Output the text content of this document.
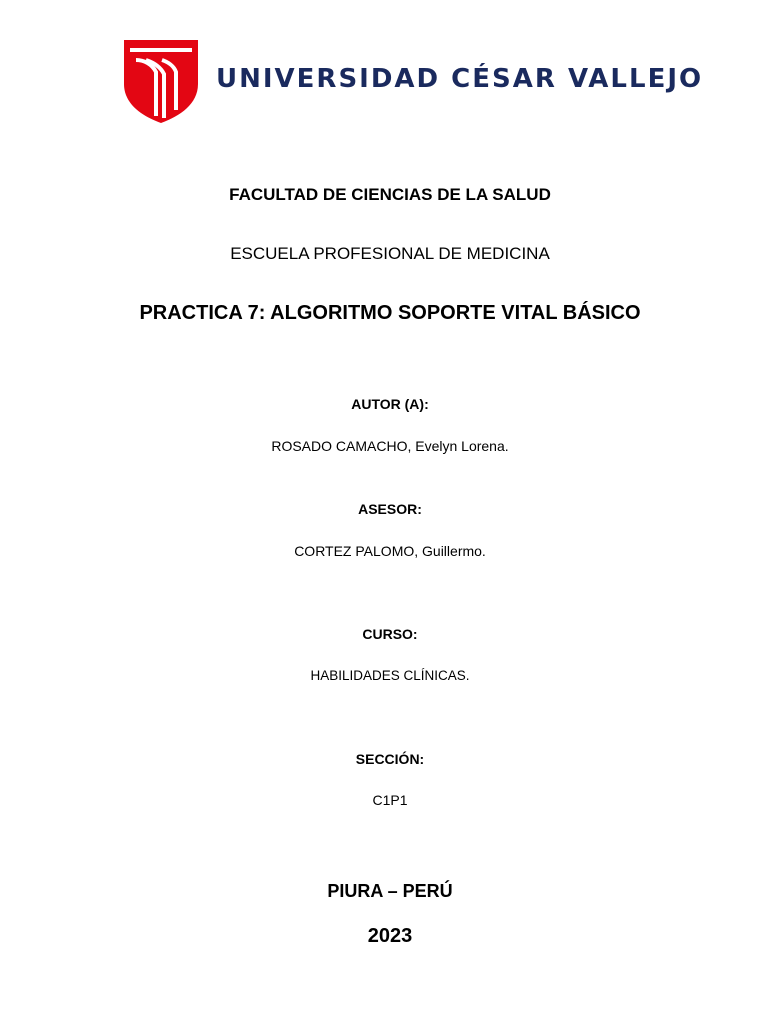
UNIVERSIDAD CÉSAR VALLEJO
FACULTAD DE CIENCIAS DE LA SALUD
ESCUELA PROFESIONAL DE MEDICINA
PRACTICA 7: ALGORITMO SOPORTE VITAL BÁSICO
AUTOR (A):
ROSADO CAMACHO, Evelyn Lorena.
ASESOR:
CORTEZ PALOMO, Guillermo.
CURSO:
HABILIDADES CLÍNICAS.
SECCIÓN:
C1P1
PIURA – PERÚ
2023
